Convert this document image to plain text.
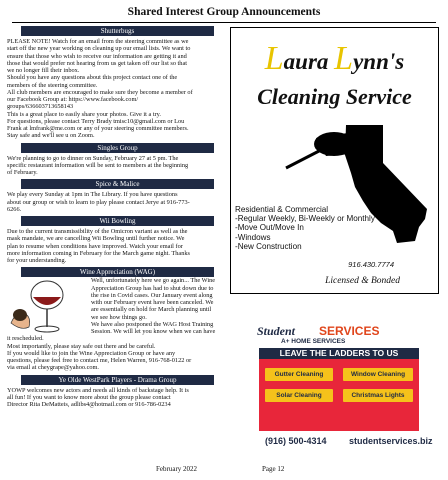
Shared Interest Group Announcements
Shutterbugs

PLEASE NOTE! Watch for an email from the steering committee as we

start off the new year working on cleaning up our email lists. We want to

ensure that those who wish to receive our information are getting it and

those that would prefer not hearing from us get taken off our list so that

we no longer fill their inbox.

Should you have any questions about this project contact one of the

members of the steering committee.

All club members are encouraged to make sure they become a member of

our Facebook Group at: https://www.facebook.com/

groups/636603713658143

This is a great place to easily share your photos. Give it a try.

For questions, please contact Terry Brady tmisc10@gmail.com or Lou

Frank at lmfrank@me.com or any of your steering committee members.

Stay safe and we'll see u on Zoom.

Singles Group

We're planning to go to dinner on Sunday, February 27 at 5 pm. The

specific restaurant information will be sent to members at the beginning

of February.

Spice & Malice

We play every Sunday at 1pm in The Library. If you have questions

about our group or wish to learn to play please contact Jerye at 916-773-

6266.

Wii Bowling

Due to the current transmissibility of the Omicron variant as well as the

mask mandate, we are cancelling Wii Bowling until further notice. We

plan to resume when conditions have improved. Watch your email for

more information coming in February for the March game night. Thanks

for your understanding.

Wine Appreciation (WAG)

Well, unfortunately here we go again... The Wine

Appreciation Group has had to shut down due to

the rise in Covid cases. Our January event along

with our February event have been canceled. We

are essentially on hold for March planning until

we see how things go.

We have also postponed the WAG Host Training

Session. We will let you know when we can have

it rescheduled.

Most importantly, please stay safe out there and be careful.

If you would like to join the Wine Appreciation Group or have any

questions, please feel free to contact me, Helen Warren, 916-768-0122 or

via email at cheygrape@yahoo.com.

Ye Olde WestPark Players - Drama Group

YOWP welcomes new actors and needs all kinds of backstage help. It is

all fun! If you want to know more about the group please contact

Director Rita DeMatteis, adlibs4@hotmail.com or 916-786-0234

Laura Lynn's
Cleaning Service
Residential & Commercial
-Regular Weekly, Bi-Weekly or Monthly
-Move Out/Move In
-Windows
-New Construction
916.430.7774
Licensed & Bonded
Student SERVICES
A+ HOME SERVICES
LEAVE THE LADDERS TO US
Gutter Cleaning	Window Cleaning
Solar Cleaning	Christmas Lights
(916) 500-4314 studentservices.biz
February 2022	Page 12
